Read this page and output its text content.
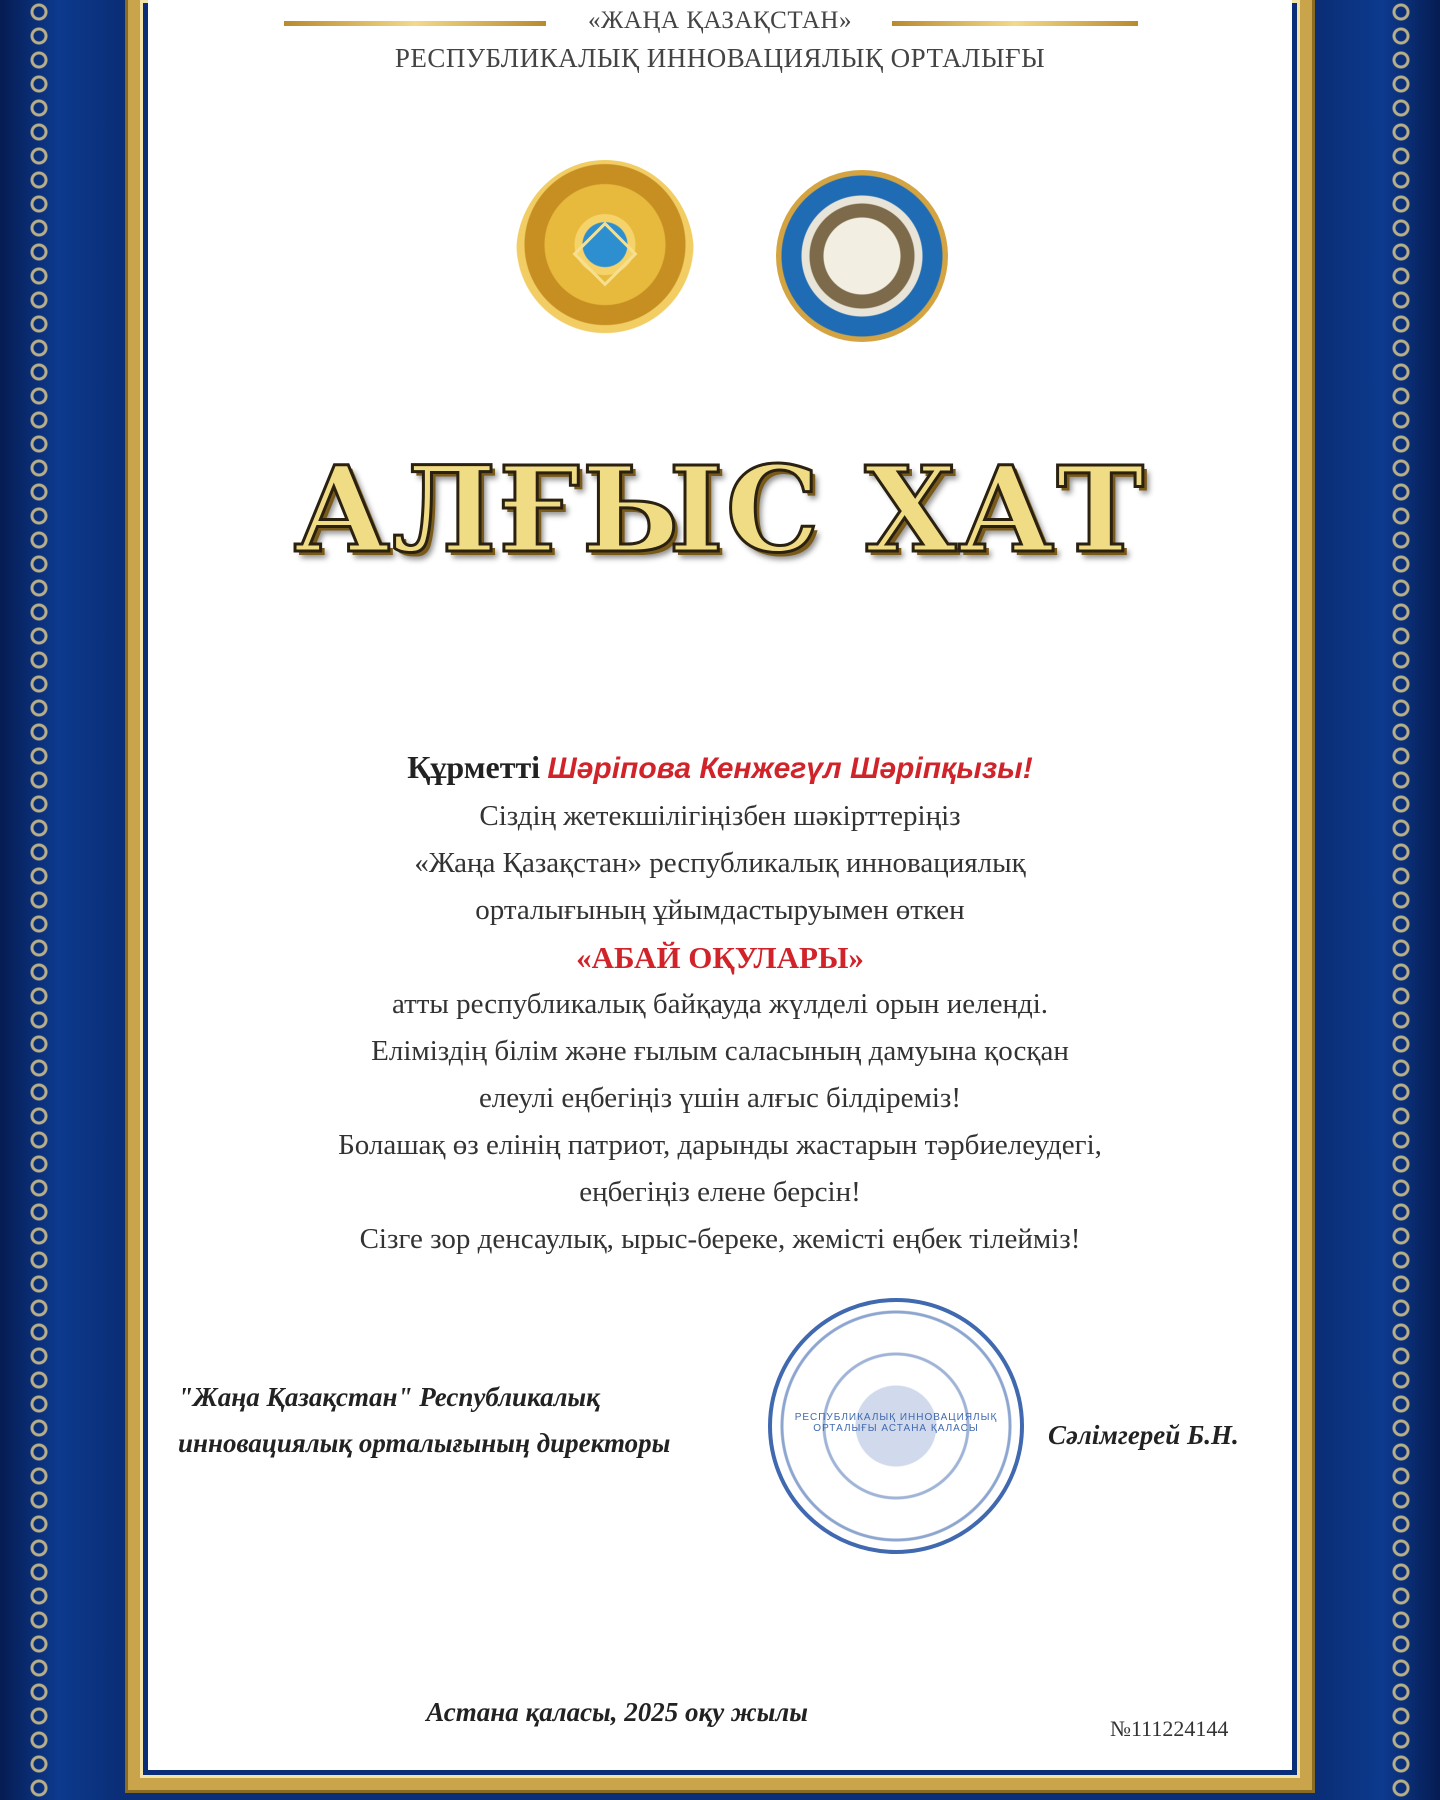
«ЖАҢА ҚАЗАҚСТАН»
РЕСПУБЛИКАЛЫҚ ИННОВАЦИЯЛЫҚ ОРТАЛЫҒЫ
АЛҒЫС ХАТ
Құрметті Шәріпова Кенжегүл Шәріпқызы!
Сіздің жетекшілігіңізбен шәкірттеріңіз
«Жаңа Қазақстан» республикалық инновациялық
орталығының ұйымдастыруымен өткен
«АБАЙ ОҚУЛАРЫ»
атты республикалық байқауда жүлделі орын иеленді.
Еліміздің білім және ғылым саласының дамуына қосқан
елеулі еңбегіңіз үшін алғыс білдіреміз!
Болашақ өз елінің патриот, дарынды жастарын тәрбиелеудегі,
еңбегіңіз елене берсін!
Сізге зор денсаулық, ырыс-береке, жемісті еңбек тілейміз!
"Жаңа Қазақстан" Республикалық
инновациялық орталығының директоры
РЕСПУБЛИКАЛЫҚ ИННОВАЦИЯЛЫҚ ОРТАЛЫҒЫ АСТАНА ҚАЛАСЫ	Сәлімгерей Б.Н.
Астана қаласы, 2025 оқу жылы
№111224144
